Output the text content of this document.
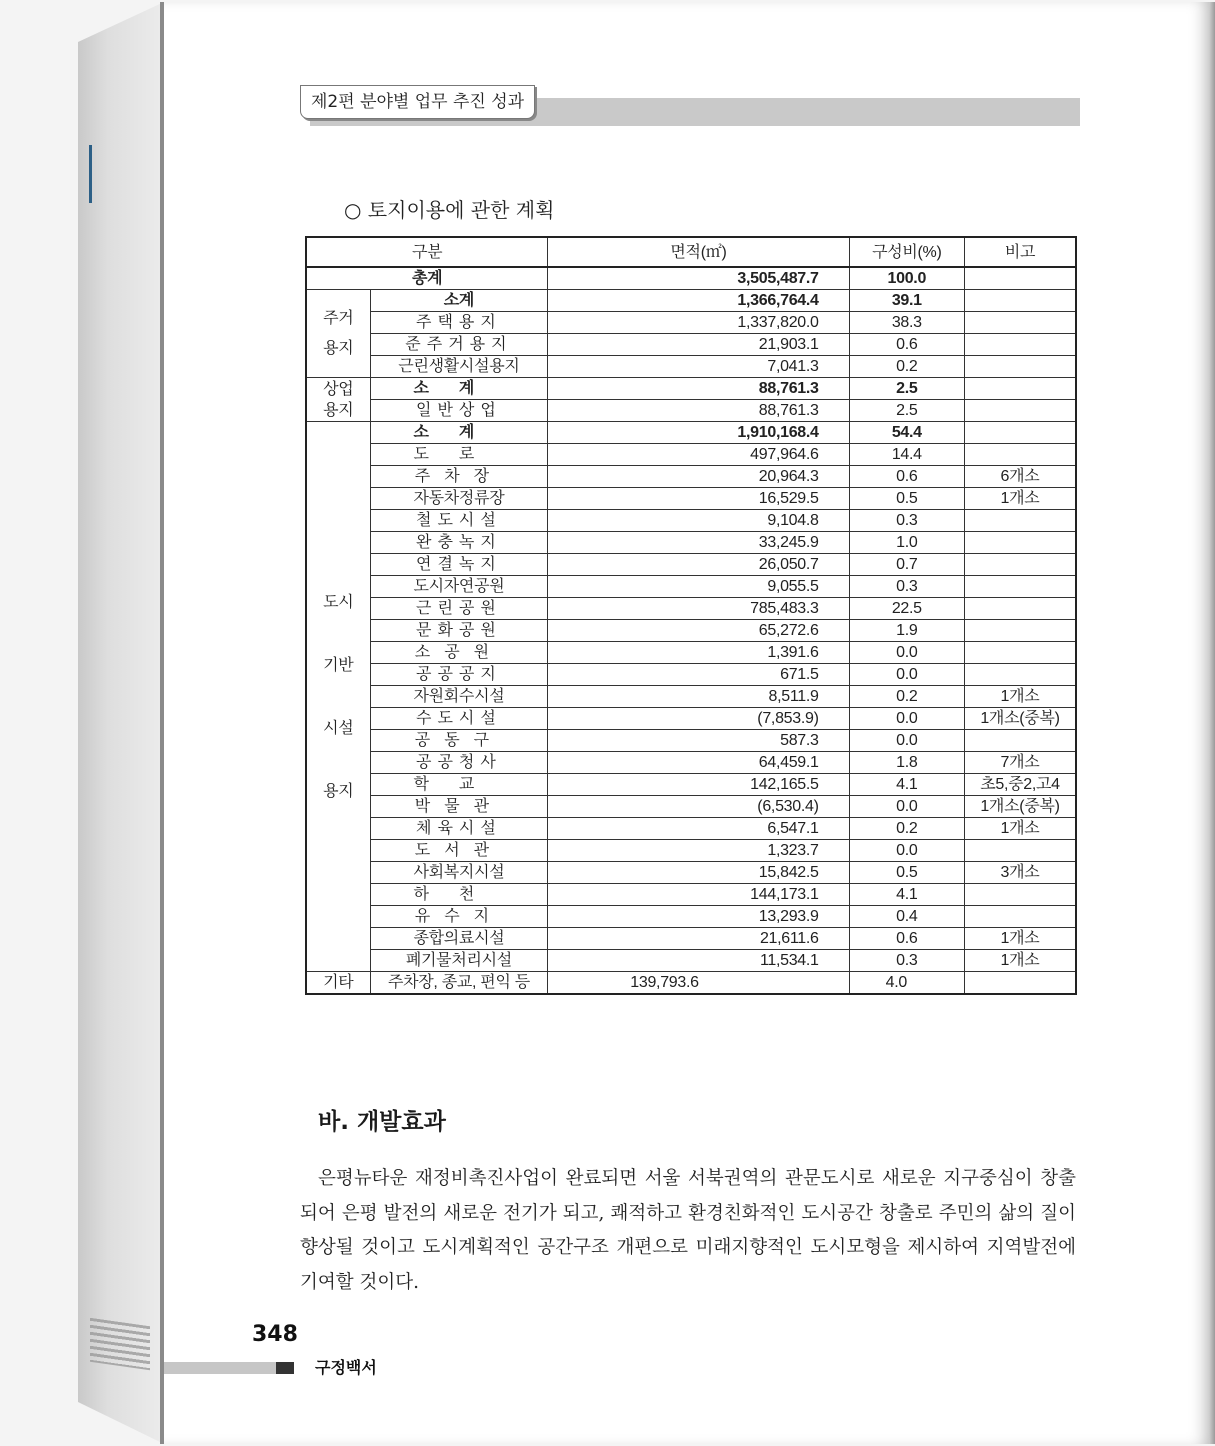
제2편 분야별 업무 추진 성과
○ 토지이용에 관한 계획
구분		면적(㎡)	구성비(%)	비고
총계		3,505,487.7	100.0	
주거용지	소계	1,366,764.4	39.1	
	주택용지	1,337,820.0	38.3	
	준주거용지	21,903.1	0.6	
	근린생활시설용지	7,041.3	0.2	
상업용지	소계	88,761.3	2.5	
	일반상업	88,761.3	2.5	

도시
기반
시설
용지	소계	1,910,168.4	54.4	
	도로	497,964.6	14.4	
	주차장	20,964.3	0.6	6개소
	자동차정류장	16,529.5	0.5	1개소
	철도시설	9,104.8	0.3	
	완충녹지	33,245.9	1.0	
	연결녹지	26,050.7	0.7	
	도시자연공원	9,055.5	0.3	
	근린공원	785,483.3	22.5	
	문화공원	65,272.6	1.9	
	소공원	1,391.6	0.0	
	공공공지	671.5	0.0	
	자원회수시설	8,511.9	0.2	1개소
	수도시설	(7,853.9)	0.0	1개소(중복)
	공동구	587.3	0.0	
	공공청사	64,459.1	1.8	7개소
	학교	142,165.5	4.1	초5,중2,고4
	박물관	(6,530.4)	0.0	1개소(중복)
	체육시설	6,547.1	0.2	1개소
	도서관	1,323.7	0.0	
	사회복지시설	15,842.5	0.5	3개소
	하천	144,173.1	4.1	
	유수지	13,293.9	0.4	
	종합의료시설	21,611.6	0.6	1개소
	폐기물처리시설	11,534.1	0.3	1개소
기타	주차장, 종교, 편익 등	139,793.6	4.0	
바. 개발효과
은평뉴타운 재정비촉진사업이 완료되면 서울 서북권역의 관문도시로 새로운 지구중심이 창출되어 은평 발전의 새로운 전기가 되고, 쾌적하고 환경친화적인 도시공간 창출로 주민의 삶의 질이 향상될 것이고 도시계획적인 공간구조 개편으로 미래지향적인 도시모형을 제시하여 지역발전에 기여할 것이다.
348
구정백서
